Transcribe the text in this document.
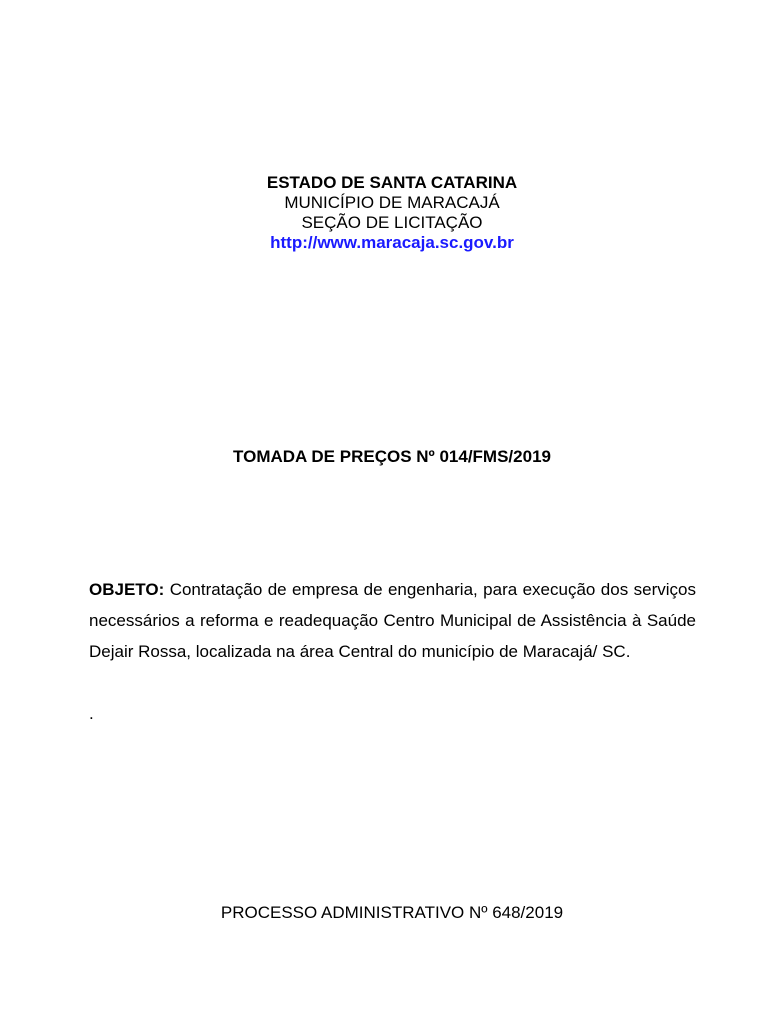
ESTADO DE SANTA CATARINA
MUNICÍPIO DE MARACAJÁ
SEÇÃO DE LICITAÇÃO
http://www.maracaja.sc.gov.br
TOMADA DE PREÇOS Nº 014/FMS/2019
OBJETO: Contratação de empresa de engenharia, para execução dos serviços necessários a reforma e readequação Centro Municipal de Assistência à Saúde Dejair Rossa, localizada na área Central do município de Maracajá/ SC.
.
PROCESSO ADMINISTRATIVO Nº 648/2019
